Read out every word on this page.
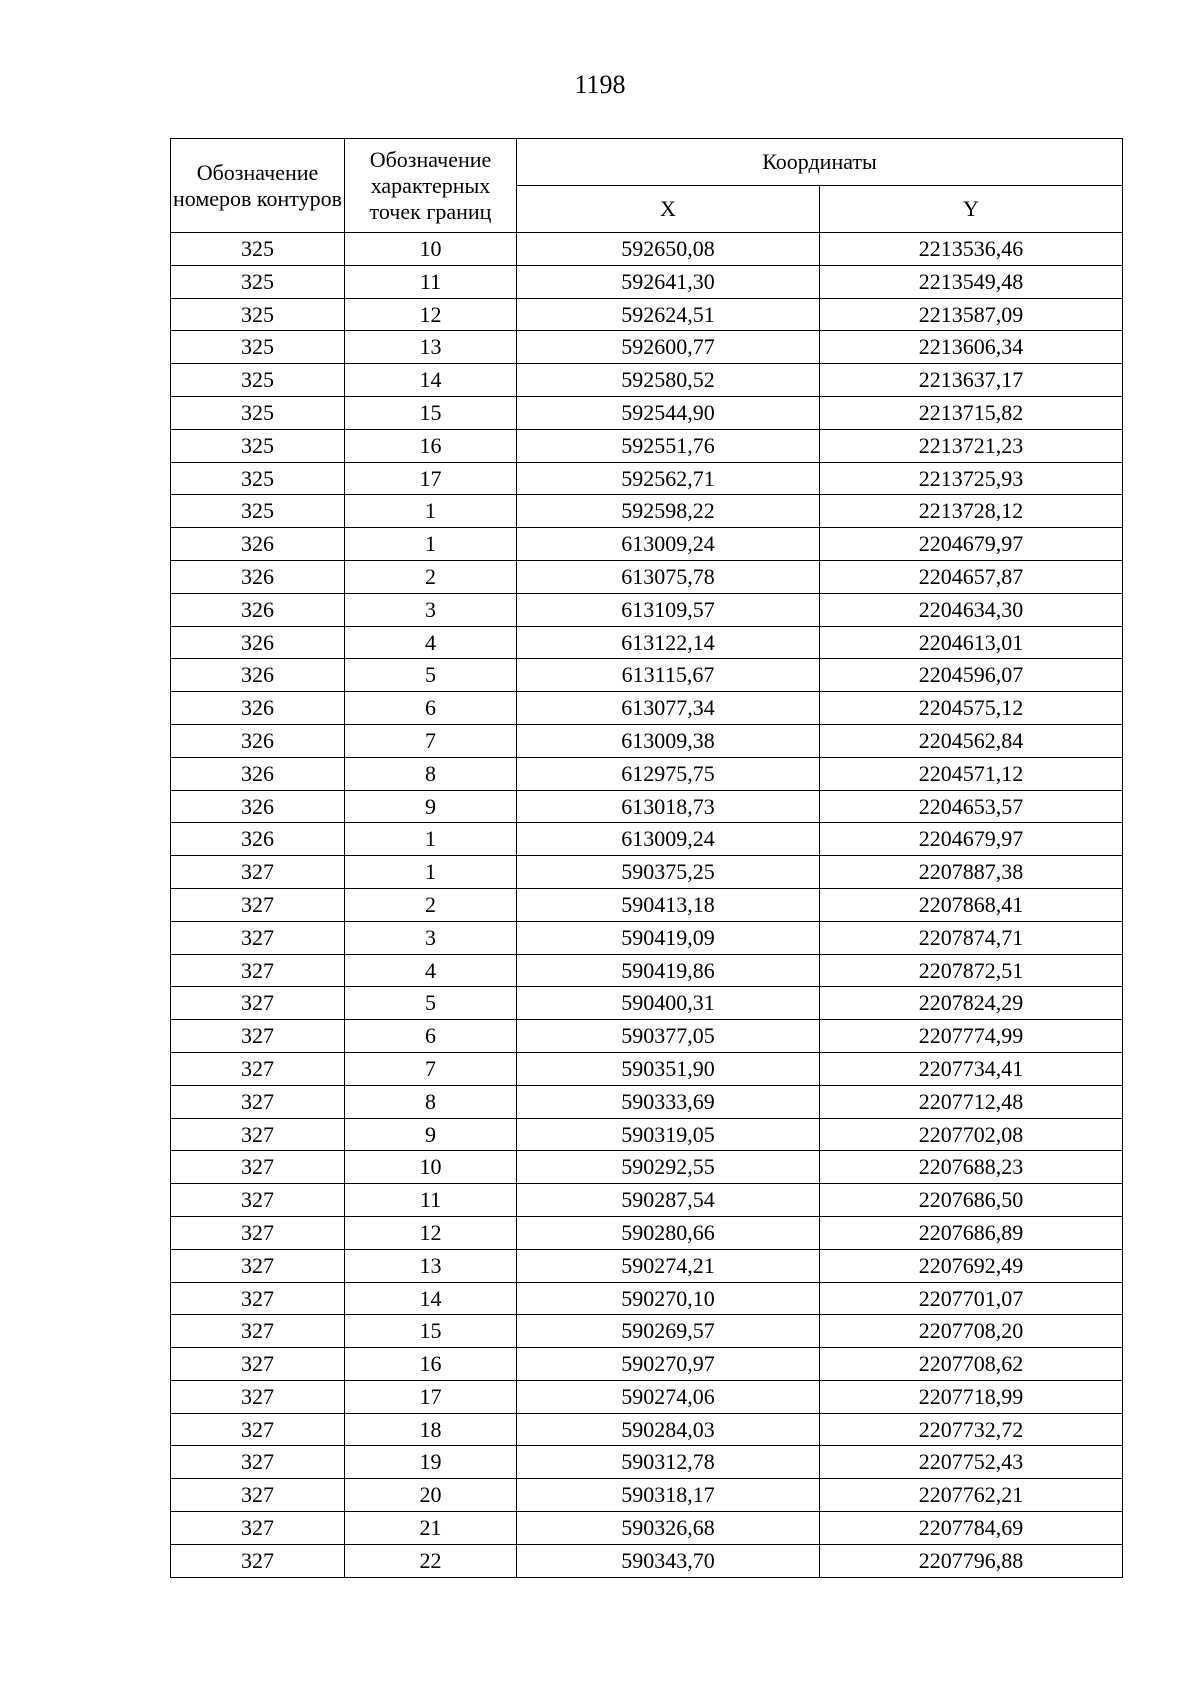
1198
Обозначение номеров контуров	Обозначение характерных точек границ	Координаты	
		X	Y
325	10	592650,08	2213536,46
325	11	592641,30	2213549,48
325	12	592624,51	2213587,09
325	13	592600,77	2213606,34
325	14	592580,52	2213637,17
325	15	592544,90	2213715,82
325	16	592551,76	2213721,23
325	17	592562,71	2213725,93
325	1	592598,22	2213728,12
326	1	613009,24	2204679,97
326	2	613075,78	2204657,87
326	3	613109,57	2204634,30
326	4	613122,14	2204613,01
326	5	613115,67	2204596,07
326	6	613077,34	2204575,12
326	7	613009,38	2204562,84
326	8	612975,75	2204571,12
326	9	613018,73	2204653,57
326	1	613009,24	2204679,97
327	1	590375,25	2207887,38
327	2	590413,18	2207868,41
327	3	590419,09	2207874,71
327	4	590419,86	2207872,51
327	5	590400,31	2207824,29
327	6	590377,05	2207774,99
327	7	590351,90	2207734,41
327	8	590333,69	2207712,48
327	9	590319,05	2207702,08
327	10	590292,55	2207688,23
327	11	590287,54	2207686,50
327	12	590280,66	2207686,89
327	13	590274,21	2207692,49
327	14	590270,10	2207701,07
327	15	590269,57	2207708,20
327	16	590270,97	2207708,62
327	17	590274,06	2207718,99
327	18	590284,03	2207732,72
327	19	590312,78	2207752,43
327	20	590318,17	2207762,21
327	21	590326,68	2207784,69
327	22	590343,70	2207796,88
